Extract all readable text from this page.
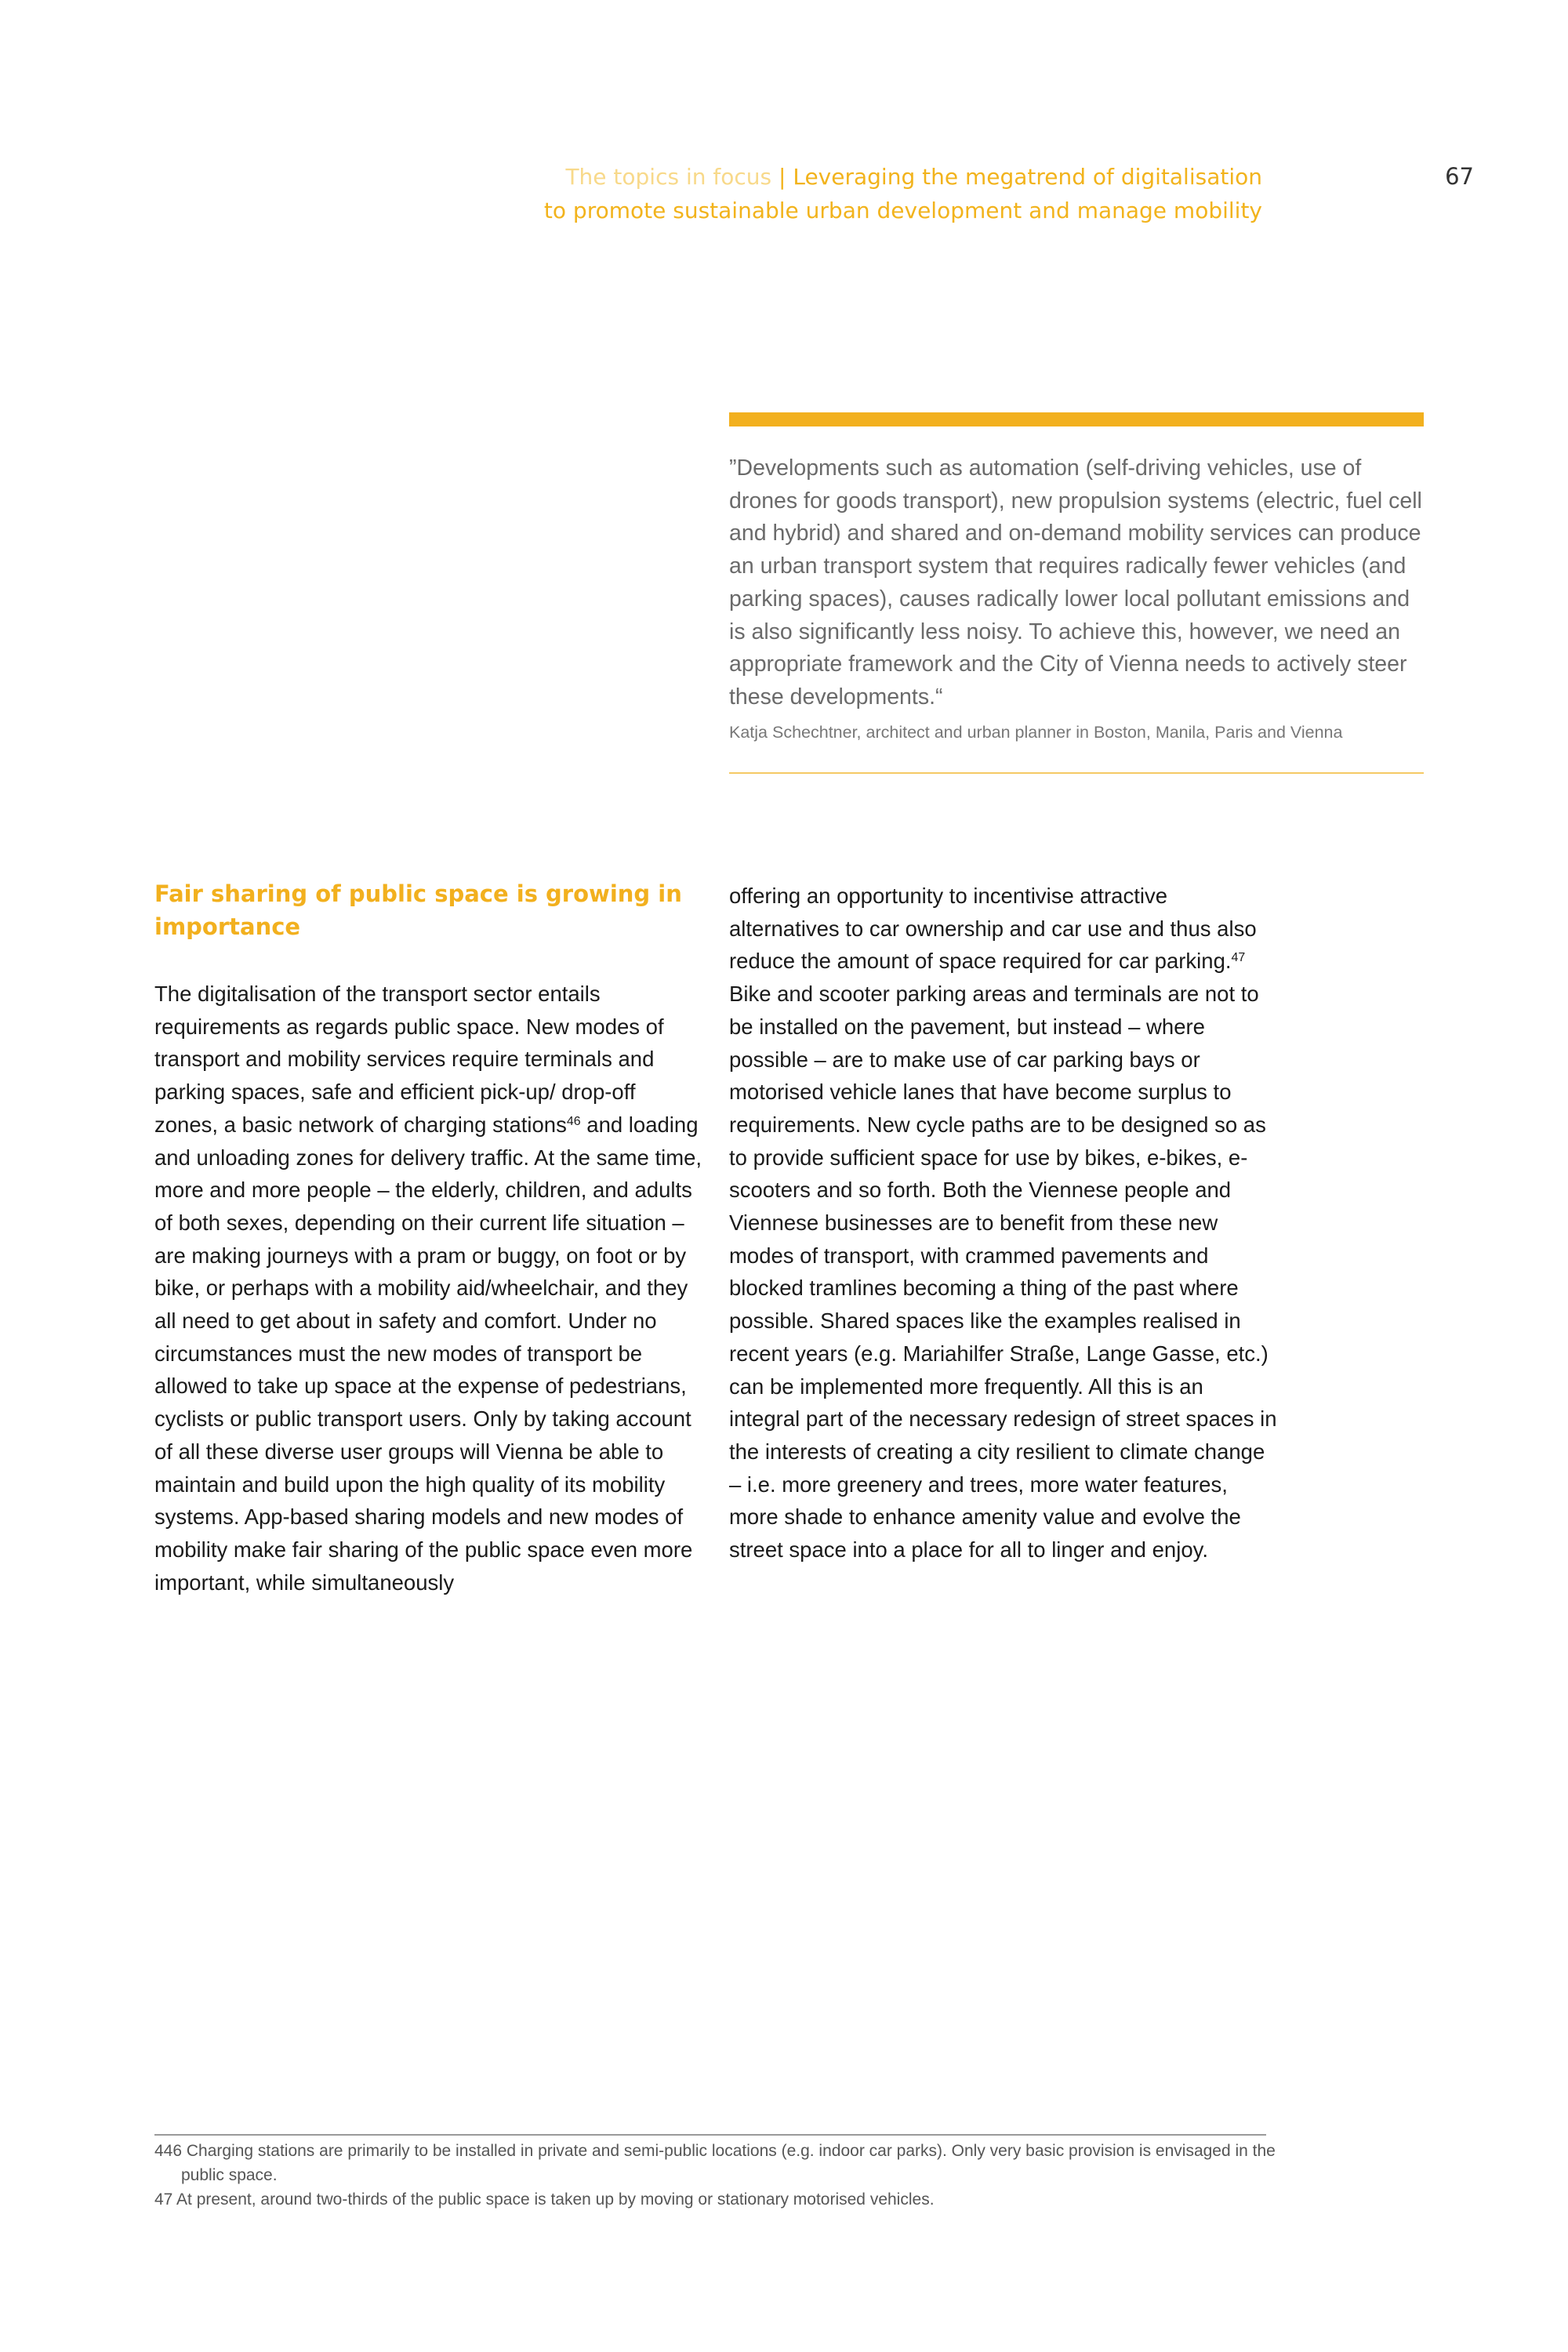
The topics in focus | Leveraging the megatrend of digitalisation
to promote sustainable urban development and manage mobility
67

”Developments such as automation (self-driving vehicles, use of drones for goods transport), new propulsion systems (electric, fuel cell and hybrid) and shared and on-demand mobility services can produce an urban transport system that requires radically fewer vehicles (and parking spaces), causes radically lower local pollutant emissions and is also significantly less noisy. To achieve this, however, we need an appropriate framework and the City of Vienna needs to actively steer these developments.“

Katja Schechtner, architect and urban planner in Boston, Manila, Paris and Vienna

Fair sharing of public space is growing in importance

The digitalisation of the transport sector entails requirements as regards public space. New modes of transport and mobility services require terminals and parking spaces, safe and efficient pick-up/ drop-off zones, a basic network of charging stations$^{46}$ and loading and unloading zones for delivery traffic. At the same time, more and more people – the elderly, children, and adults of both sexes, depending on their current life situation – are making journeys with a pram or buggy, on foot or by bike, or perhaps with a mobility aid/wheelchair, and they all need to get about in safety and comfort. Under no circumstances must the new modes of transport be allowed to take up space at the expense of pedestrians, cyclists or public transport users. Only by taking account of all these diverse user groups will Vienna be able to maintain and build upon the high quality of its mobility systems. App-based sharing models and new modes of mobility make fair sharing of the public space even more important, while simultaneously

offering an opportunity to incentivise attractive alternatives to car ownership and car use and thus also reduce the amount of space required for car parking.$^{47}$ Bike and scooter parking areas and terminals are not to be installed on the pavement, but instead – where possible – are to make use of car parking bays or motorised vehicle lanes that have become surplus to requirements. New cycle paths are to be designed so as to provide sufficient space for use by bikes, e-bikes, e-scooters and so forth. Both the Viennese people and Viennese businesses are to benefit from these new modes of transport, with crammed pavements and blocked tramlines becoming a thing of the past where possible. Shared spaces like the examples realised in recent years (e.g. Mariahilfer Straße, Lange Gasse, etc.) can be implemented more frequently. All this is an integral part of the necessary redesign of street spaces in the interests of creating a city resilient to climate change – i.e. more greenery and trees, more water features, more shade to enhance amenity value and evolve the street space into a place for all to linger and enjoy.

446 Charging stations are primarily to be installed in private and semi-public locations (e.g. indoor car parks). Only very basic provision is envisaged in the public space.

47 At present, around two-thirds of the public space is taken up by moving or stationary motorised vehicles.
